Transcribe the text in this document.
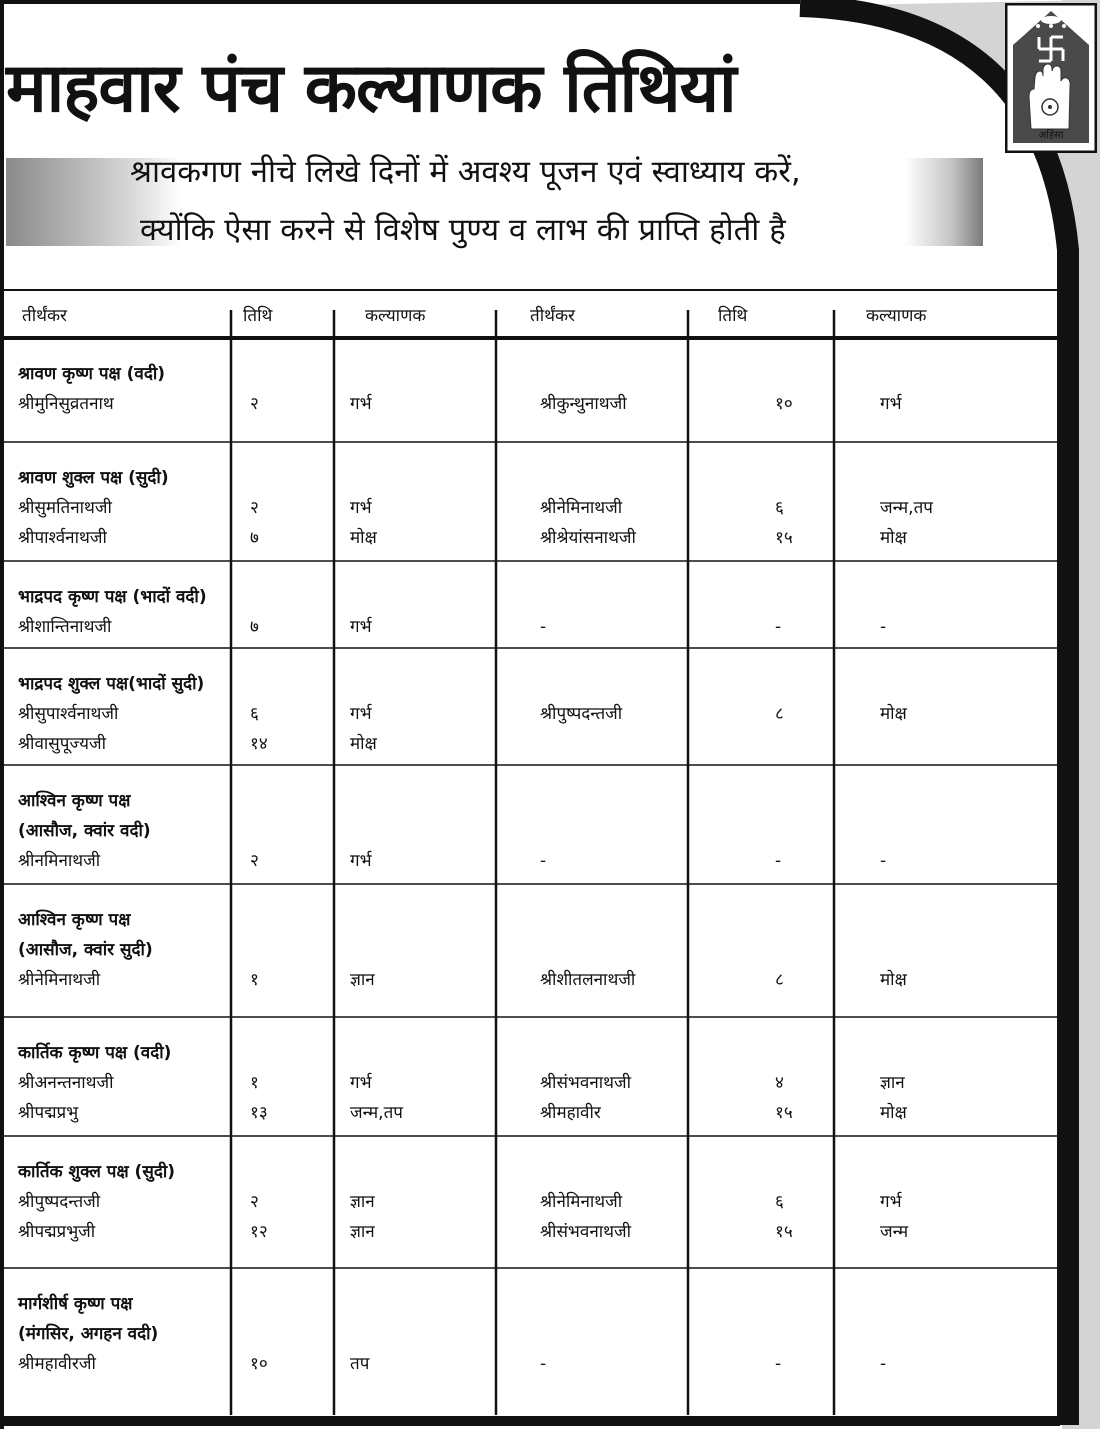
माहवार पंच कल्याणक तिथियां
श्रावकगण नीचे लिखे दिनों में अवश्य पूजन एवं स्वाध्याय करें,
क्योंकि ऐसा करने से विशेष पुण्य व लाभ की प्राप्ति होती है
अहिंसा
तीर्थंकर	तिथि	कल्याणक	तीर्थंकर	तिथि	कल्याणक
श्रावण कृष्ण पक्ष (वदी)
श्रीमुनिसुव्रतनाथ	२	गर्भ	श्रीकुन्थुनाथजी	१०	गर्भ
श्रावण शुक्ल पक्ष (सुदी)
श्रीसुमतिनाथजी	२	गर्भ	श्रीनेमिनाथजी	६	जन्म,तप
श्रीपार्श्वनाथजी	७	मोक्ष	श्रीश्रेयांसनाथजी	१५	मोक्ष
भाद्रपद कृष्ण पक्ष (भादों वदी)
श्रीशान्तिनाथजी	७	गर्भ	-	-	-
भाद्रपद शुक्ल पक्ष(भादों सुदी)
श्रीसुपार्श्वनाथजी	६	गर्भ	श्रीपुष्पदन्तजी	८	मोक्ष
श्रीवासुपूज्यजी	१४	मोक्ष
आश्विन कृष्ण पक्ष
(आसौज, क्वांर वदी)
श्रीनमिनाथजी	२	गर्भ	-	-	-
आश्विन कृष्ण पक्ष
(आसौज, क्वांर सुदी)
श्रीनेमिनाथजी	१	ज्ञान	श्रीशीतलनाथजी	८	मोक्ष
कार्तिक कृष्ण पक्ष (वदी)
श्रीअनन्तनाथजी	१	गर्भ	श्रीसंभवनाथजी	४	ज्ञान
श्रीपद्मप्रभु	१३	जन्म,तप	श्रीमहावीर	१५	मोक्ष
कार्तिक शुक्ल पक्ष (सुदी)
श्रीपुष्पदन्तजी	२	ज्ञान	श्रीनेमिनाथजी	६	गर्भ
श्रीपद्मप्रभुजी	१२	ज्ञान	श्रीसंभवनाथजी	१५	जन्म
मार्गशीर्ष कृष्ण पक्ष
(मंगसिर, अगहन वदी)
श्रीमहावीरजी	१०	तप	-	-	-
